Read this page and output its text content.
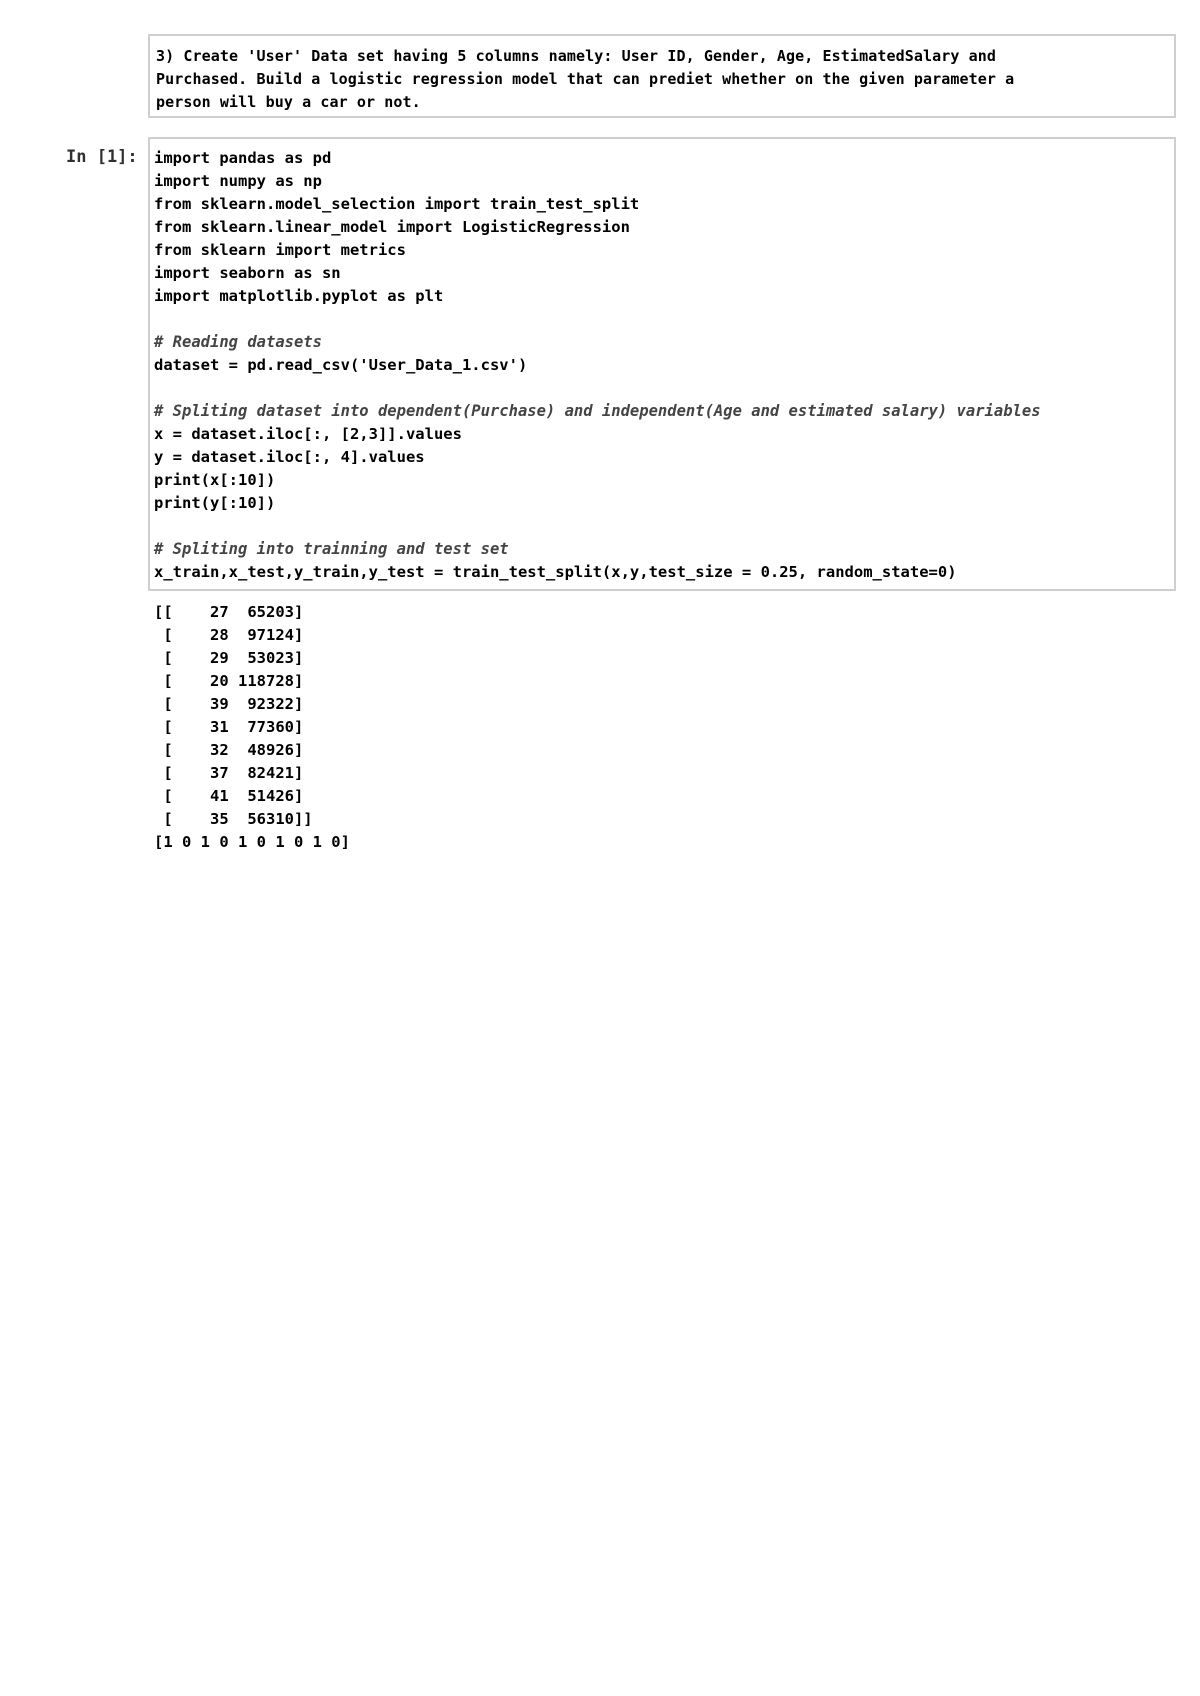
3) Create 'User' Data set having 5 columns namely: User ID, Gender, Age, EstimatedSalary and
Purchased. Build a logistic regression model that can prediet whether on the given parameter a
person will buy a car or not.

In [1]:	import pandas as pd
import numpy as np
from sklearn.model_selection import train_test_split
from sklearn.linear_model import LogisticRegression
from sklearn import metrics
import seaborn as sn
import matplotlib.pyplot as plt
# Reading datasets
dataset = pd.read_csv('User_Data_1.csv')
# Spliting dataset into dependent(Purchase) and independent(Age and estimated salary) variables
x = dataset.iloc[:, [2,3]].values
y = dataset.iloc[:, 4].values
print(x[:10])
print(y[:10])
# Spliting into trainning and test set
x_train,x_test,y_train,y_test = train_test_split(x,y,test_size = 0.25, random_state=0)
[[    27  65203]
[    28  97124]
[    29  53023]
[    20 118728]
[    39  92322]
[    31  77360]
[    32  48926]
[    37  82421]
[    41  51426]
[    35  56310]]
[1 0 1 0 1 0 1 0 1 0]
